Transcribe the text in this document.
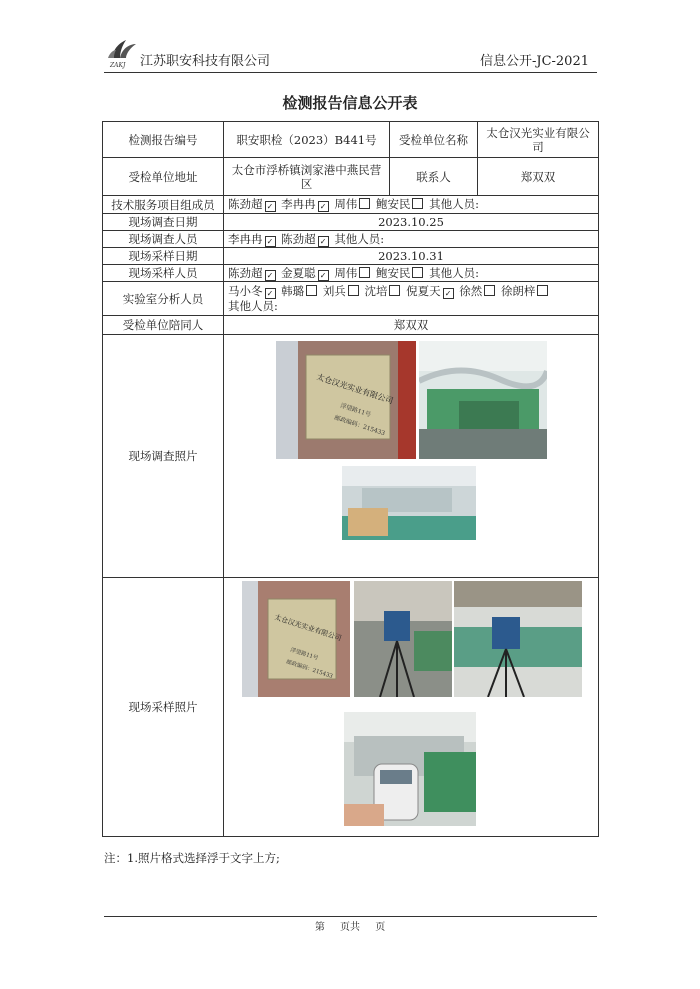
ZAKJ 江苏职安科技有限公司	信息公开-JC-2021
检测报告信息公开表
检测报告编号	职安职检（2023）B441号	受检单位名称	太仓汉光实业有限公司
受检单位地址	太仓市浮桥镇浏家港中燕民营区	联系人	郑双双
技术服务项目组成员	陈劲超 ✓ 李冉冉 ✓ 周伟 鲍安民 其他人员:		
现场调查日期	2023.10.25		
现场调查人员	李冉冉 ✓ 陈劲超 ✓ 其他人员:		
现场采样日期	2023.10.31		
现场采样人员	陈劲超 ✓ 金夏聪 ✓ 周伟 鲍安民 其他人员:		
实验室分析人员	马小冬 ✓ 韩璐 刘兵 沈培 倪夏天 ✓ 徐然 徐朗梓
其他人员:		
受检单位陪同人	郑双双		
现场调查照片	太仓汉光实业有限公司
浮望路11号
邮政编码：215433		

现场采样照片	太仓汉光实业有限公司
浮望路11号
邮政编码：215433		
注：1.照片格式选择浮于文字上方;
第 页共 页
